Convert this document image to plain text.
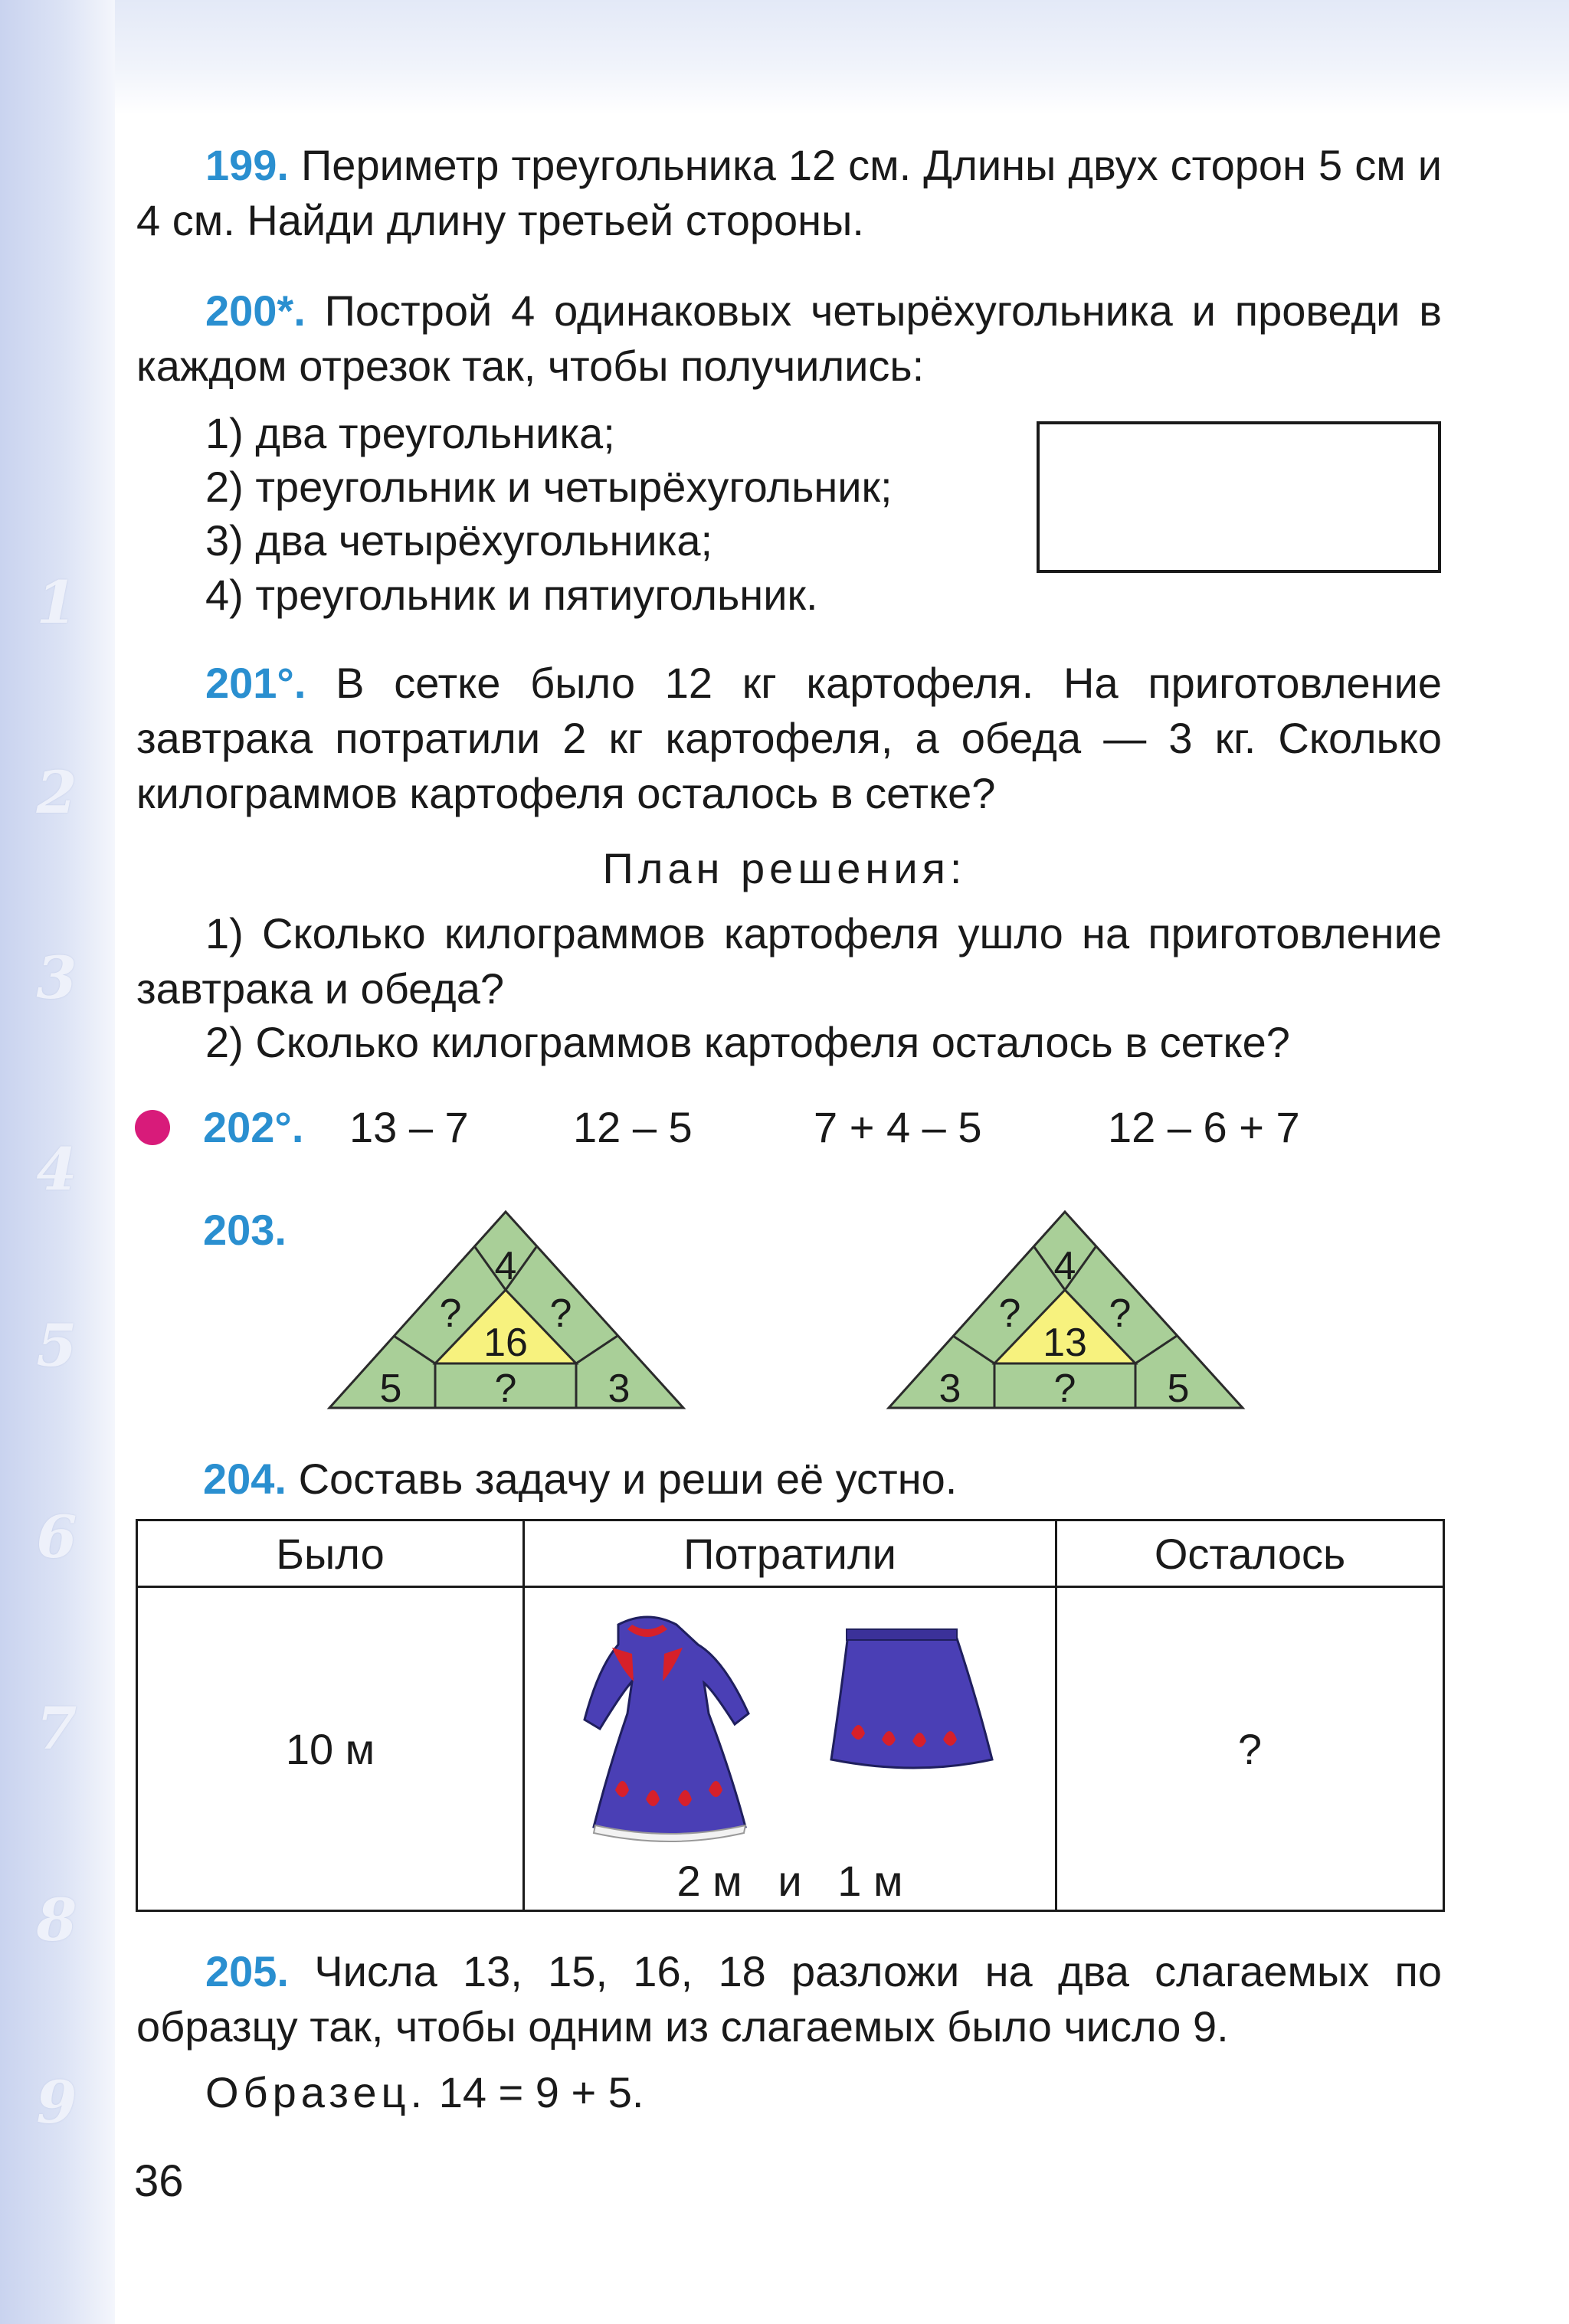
1
2
3
4
5
6
7
8
9

199. Периметр треугольника 12 см. Длины двух сторон 5 см и 4 см. Найди длину третьей стороны.

200*. Построй 4 одинаковых четырёхугольника и проведи в каждом отрезок так, чтобы получились:

1) два треугольника;
2) треугольник и четырёхугольник;
3) два четырёхугольника;
4) треугольник и пятиугольник.

201°. В сетке было 12 кг картофеля. На приготовление завтрака потратили 2 кг картофеля, а обеда — 3 кг. Сколько килограммов картофеля осталось в сетке?

План решения:

1) Сколько килограммов картофеля ушло на приготовление завтрака и обеда?

2) Сколько килограммов картофеля осталось в сетке?
202°. 13 – 7 12 – 5	7 + 4 – 5	12 – 6 + 7
203.
4
16
? ?
5 ? 3
4
13
? ?
3 ? 5
204. Составь задачу и реши её устно.
Было	Потратили	Осталось
10 м	2 м   и   1 м	?

205. Числа 13, 15, 16, 18 разложи на два слагаемых по образцу так, чтобы одним из слагаемых было число 9.

Образец. 14 = 9 + 5.
36
